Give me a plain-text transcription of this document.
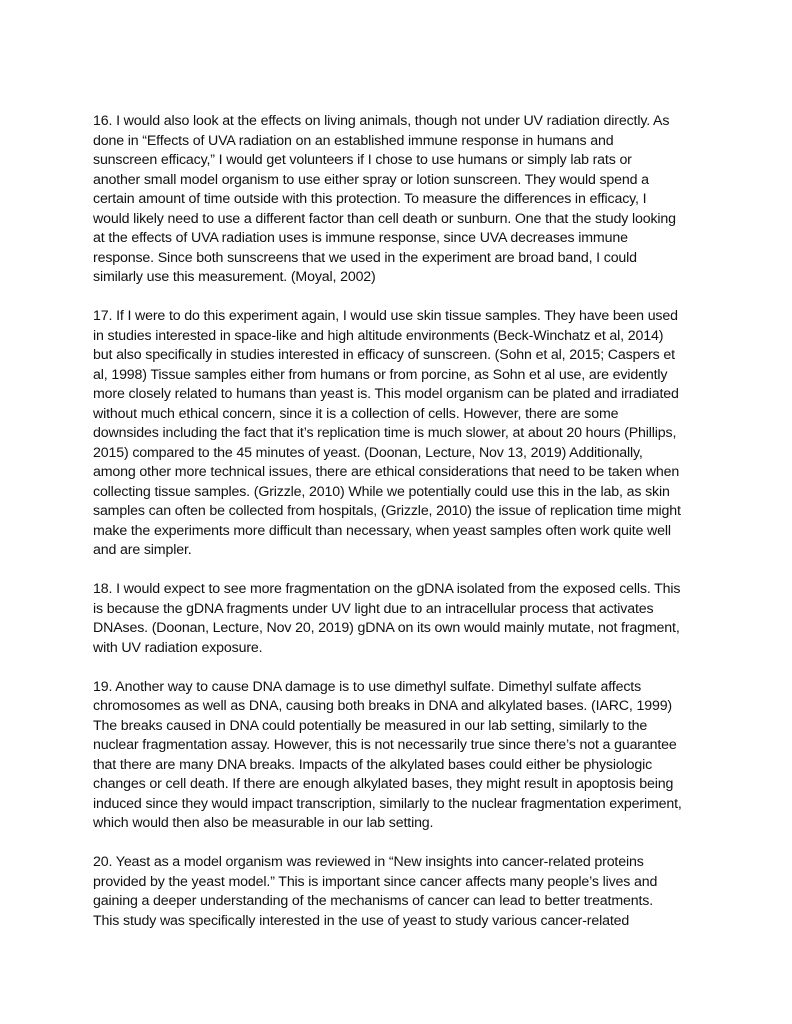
16. I would also look at the effects on living animals, though not under UV radiation directly. As
done in “Effects of UVA radiation on an established immune response in humans and
sunscreen efficacy,” I would get volunteers if I chose to use humans or simply lab rats or
another small model organism to use either spray or lotion sunscreen. They would spend a
certain amount of time outside with this protection. To measure the differences in efficacy, I
would likely need to use a different factor than cell death or sunburn. One that the study looking
at the effects of UVA radiation uses is immune response, since UVA decreases immune
response. Since both sunscreens that we used in the experiment are broad band, I could
similarly use this measurement. (Moyal, 2002)
17. If I were to do this experiment again, I would use skin tissue samples. They have been used
in studies interested in space-like and high altitude environments (Beck-Winchatz et al, 2014)
but also specifically in studies interested in efficacy of sunscreen. (Sohn et al, 2015; Caspers et
al, 1998) Tissue samples either from humans or from porcine, as Sohn et al use, are evidently
more closely related to humans than yeast is. This model organism can be plated and irradiated
without much ethical concern, since it is a collection of cells. However, there are some
downsides including the fact that it’s replication time is much slower, at about 20 hours (Phillips,
2015) compared to the 45 minutes of yeast. (Doonan, Lecture, Nov 13, 2019) Additionally,
among other more technical issues, there are ethical considerations that need to be taken when
collecting tissue samples. (Grizzle, 2010) While we potentially could use this in the lab, as skin
samples can often be collected from hospitals, (Grizzle, 2010) the issue of replication time might
make the experiments more difficult than necessary, when yeast samples often work quite well
and are simpler.
18. I would expect to see more fragmentation on the gDNA isolated from the exposed cells. This
is because the gDNA fragments under UV light due to an intracellular process that activates
DNAses. (Doonan, Lecture, Nov 20, 2019) gDNA on its own would mainly mutate, not fragment,
with UV radiation exposure.
19. Another way to cause DNA damage is to use dimethyl sulfate. Dimethyl sulfate affects
chromosomes as well as DNA, causing both breaks in DNA and alkylated bases. (IARC, 1999)
The breaks caused in DNA could potentially be measured in our lab setting, similarly to the
nuclear fragmentation assay. However, this is not necessarily true since there’s not a guarantee
that there are many DNA breaks. Impacts of the alkylated bases could either be physiologic
changes or cell death. If there are enough alkylated bases, they might result in apoptosis being
induced since they would impact transcription, similarly to the nuclear fragmentation experiment,
which would then also be measurable in our lab setting.
20. Yeast as a model organism was reviewed in “New insights into cancer-related proteins
provided by the yeast model.” This is important since cancer affects many people’s lives and
gaining a deeper understanding of the mechanisms of cancer can lead to better treatments.
This study was specifically interested in the use of yeast to study various cancer-related
